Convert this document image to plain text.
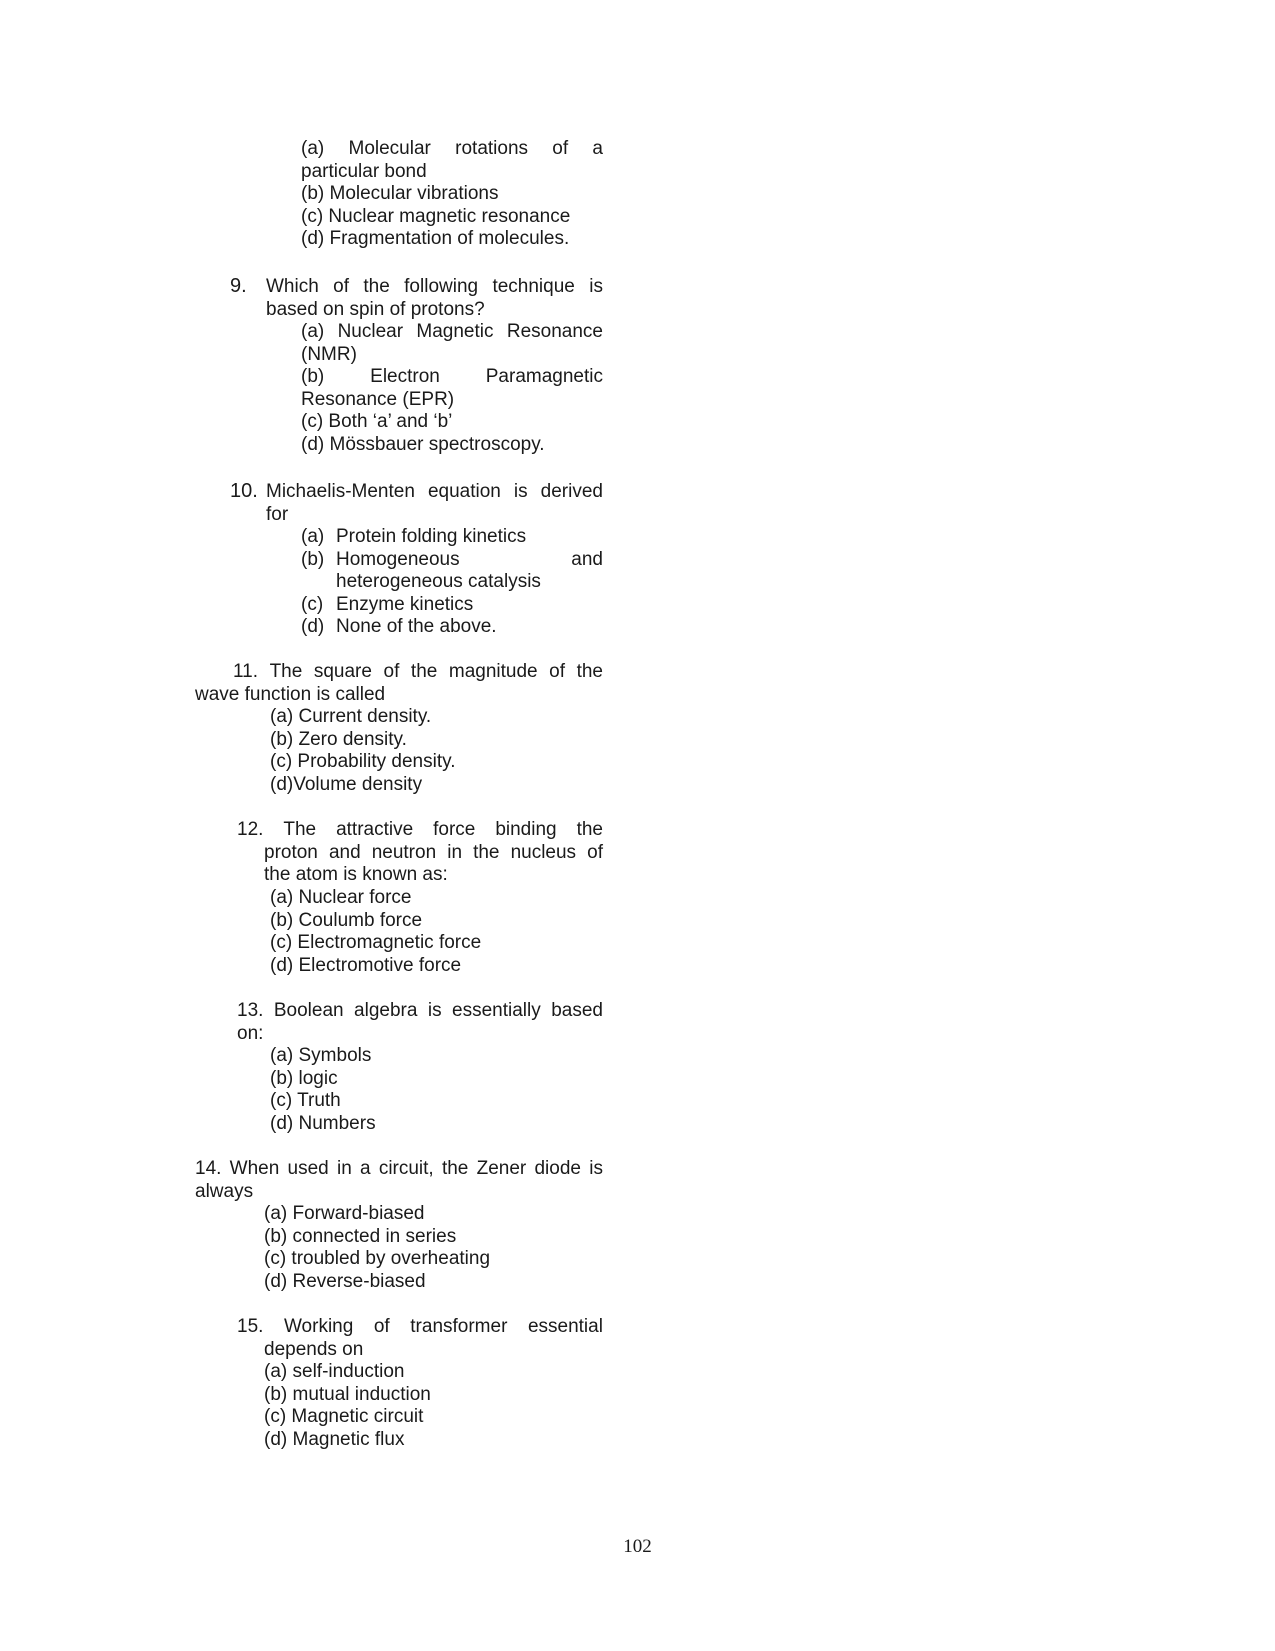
(a) Molecular rotations of a
particular bond
(b) Molecular vibrations
(c) Nuclear magnetic resonance
(d) Fragmentation of molecules.
9. Which of the following technique is
based on spin of protons?
(a) Nuclear Magnetic Resonance
(NMR)
(b) Electron Paramagnetic
Resonance (EPR)
(c) Both ‘a’ and ‘b’
(d) Mössbauer spectroscopy.
10. Michaelis-Menten equation is derived
for
(a) Protein folding kinetics
(b) Homogeneous	and
heterogeneous catalysis
(c) Enzyme kinetics
(d) None of the above.
11. The square of the magnitude of the
wave function is called
(a) Current density.
(b) Zero density.
(c) Probability density.
(d)Volume density
12. The attractive force binding the
proton and neutron in the nucleus of
the atom is known as:
(a) Nuclear force
(b) Coulumb force
(c) Electromagnetic force
(d) Electromotive force
13. Boolean algebra is essentially based
on:
(a) Symbols
(b) logic
(c) Truth
(d) Numbers
14. When used in a circuit, the Zener diode is
always
(a) Forward-biased
(b) connected in series
(c) troubled by overheating
(d) Reverse-biased
15. Working of transformer essential
depends on
(a) self-induction
(b) mutual induction
(c) Magnetic circuit
(d) Magnetic flux
102
